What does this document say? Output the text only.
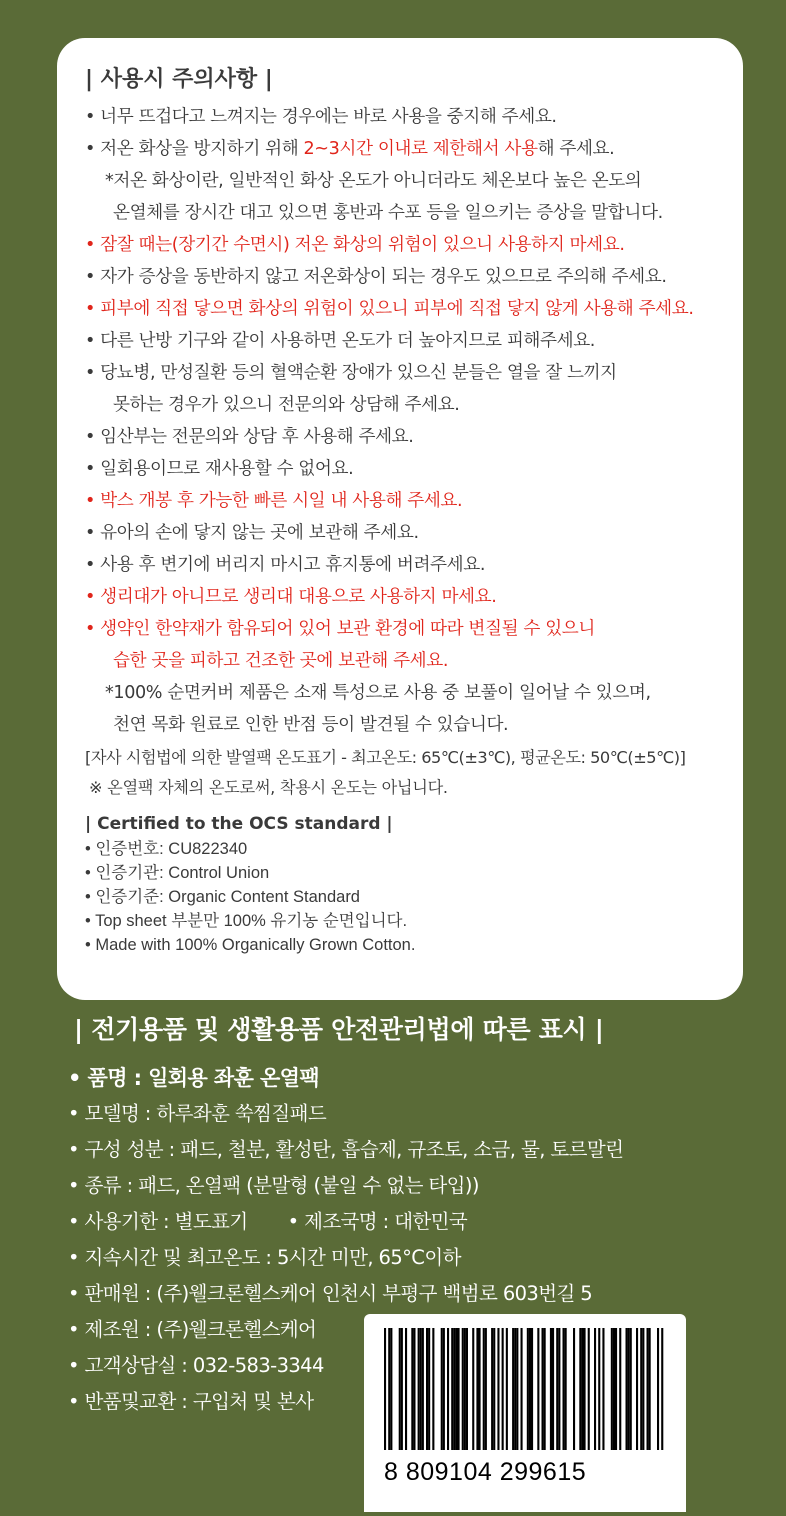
| 사용시 주의사항 |
• 너무 뜨겁다고 느껴지는 경우에는 바로 사용을 중지해 주세요.
• 저온 화상을 방지하기 위해 2~3시간 이내로 제한해서 사용해 주세요.
*저온 화상이란, 일반적인 화상 온도가 아니더라도 체온보다 높은 온도의
온열체를 장시간 대고 있으면 홍반과 수포 등을 일으키는 증상을 말합니다.
• 잠잘 때는(장기간 수면시) 저온 화상의 위험이 있으니 사용하지 마세요.
• 자가 증상을 동반하지 않고 저온화상이 되는 경우도 있으므로 주의해 주세요.
• 피부에 직접 닿으면 화상의 위험이 있으니 피부에 직접 닿지 않게 사용해 주세요.
• 다른 난방 기구와 같이 사용하면 온도가 더 높아지므로 피해주세요.
• 당뇨병, 만성질환 등의 혈액순환 장애가 있으신 분들은 열을 잘 느끼지
못하는 경우가 있으니 전문의와 상담해 주세요.
• 임산부는 전문의와 상담 후 사용해 주세요.
• 일회용이므로 재사용할 수 없어요.
• 박스 개봉 후 가능한 빠른 시일 내 사용해 주세요.
• 유아의 손에 닿지 않는 곳에 보관해 주세요.
• 사용 후 변기에 버리지 마시고 휴지통에 버려주세요.
• 생리대가 아니므로 생리대 대용으로 사용하지 마세요.
• 생약인 한약재가 함유되어 있어 보관 환경에 따라 변질될 수 있으니
습한 곳을 피하고 건조한 곳에 보관해 주세요.
*100% 순면커버 제품은 소재 특성으로 사용 중 보풀이 일어날 수 있으며,
천연 목화 원료로 인한 반점 등이 발견될 수 있습니다.
[자사 시험법에 의한 발열팩 온도표기 - 최고온도: 65℃(±3℃), 평균온도: 50℃(±5℃)]
※ 온열팩 자체의 온도로써, 착용시 온도는 아닙니다.
| Certified to the OCS standard |
• 인증번호: CU822340
• 인증기관: Control Union
• 인증기준: Organic Content Standard
• Top sheet 부분만 100% 유기농 순면입니다.
• Made with 100% Organically Grown Cotton.
| 전기용품 및 생활용품 안전관리법에 따른 표시 |
• 품명 : 일회용 좌훈 온열팩
• 모델명 : 하루좌훈 쑥찜질패드
• 구성 성분 : 패드, 철분, 활성탄, 흡습제, 규조토, 소금, 물, 토르말린
• 종류 : 패드, 온열팩 (분말형 (붙일 수 없는 타입))
• 사용기한 : 별도표기 • 제조국명 : 대한민국
• 지속시간 및 최고온도 : 5시간 미만, 65°C이하
• 판매원 : (주)웰크론헬스케어 인천시 부평구 백범로 603번길 5
• 제조원 : (주)웰크론헬스케어
• 고객상담실 : 032-583-3344
• 반품및교환 : 구입처 및 본사
8 809104 299615
